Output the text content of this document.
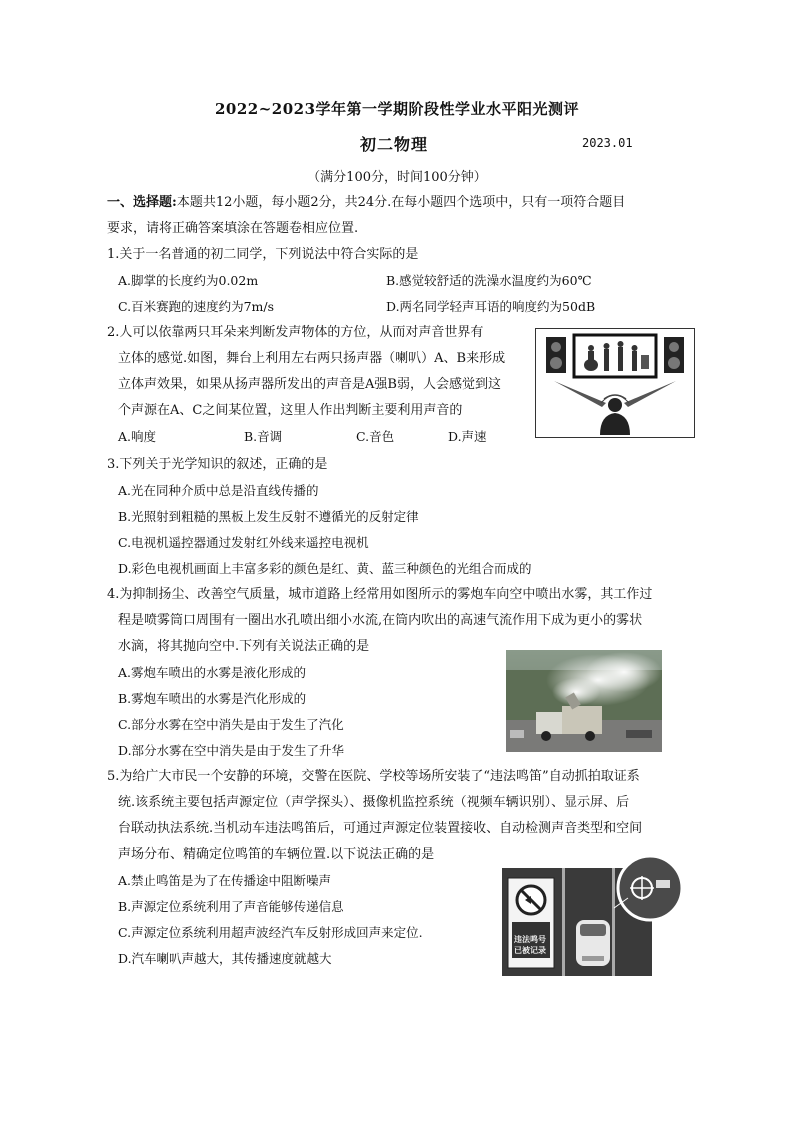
2022~2023学年第一学期阶段性学业水平阳光测评
初二物理	2023.01
（满分100分，时间100分钟）
一、选择题:本题共12小题，每小题2分，共24分.在每小题四个选项中，只有一项符合题目
要求，请将正确答案填涂在答题卷相应位置.
1.关于一名普通的初二同学，下列说法中符合实际的是
A.脚掌的长度约为0.02m	B.感觉较舒适的洗澡水温度约为60℃
C.百米赛跑的速度约为7m/s	D.两名同学轻声耳语的响度约为50dB
2.人可以依靠两只耳朵来判断发声物体的方位，从而对声音世界有
立体的感觉.如图，舞台上利用左右两只扬声器（喇叭）A、B来形成
立体声效果，如果从扬声器所发出的声音是A强B弱，人会感觉到这
个声源在A、C之间某位置，这里人作出判断主要利用声音的
A.响度	B.音调	C.音色	D.声速
3.下列关于光学知识的叙述，正确的是
A.光在同种介质中总是沿直线传播的
B.光照射到粗糙的黑板上发生反射不遵循光的反射定律
C.电视机遥控器通过发射红外线来遥控电视机
D.彩色电视机画面上丰富多彩的颜色是红、黄、蓝三种颜色的光组合而成的
4.为抑制扬尘、改善空气质量，城市道路上经常用如图所示的雾炮车向空中喷出水雾，其工作过
程是喷雾筒口周围有一圈出水孔喷出细小水流,在筒内吹出的高速气流作用下成为更小的雾状
水滴，将其抛向空中.下列有关说法正确的是
A.雾炮车喷出的水雾是液化形成的
B.雾炮车喷出的水雾是汽化形成的
C.部分水雾在空中消失是由于发生了汽化
D.部分水雾在空中消失是由于发生了升华
5.为给广大市民一个安静的环境，交警在医院、学校等场所安装了“违法鸣笛”自动抓拍取证系
统.该系统主要包括声源定位（声学探头）、摄像机监控系统（视频车辆识别）、显示屏、后
台联动执法系统.当机动车违法鸣笛后，可通过声源定位装置接收、自动检测声音类型和空间
声场分布、精确定位鸣笛的车辆位置.以下说法正确的是
A.禁止鸣笛是为了在传播途中阻断噪声
B.声源定位系统利用了声音能够传递信息
C.声源定位系统利用超声波经汽车反射形成回声来定位.
D.汽车喇叭声越大，其传播速度就越大
违法鸣号
已被记录
